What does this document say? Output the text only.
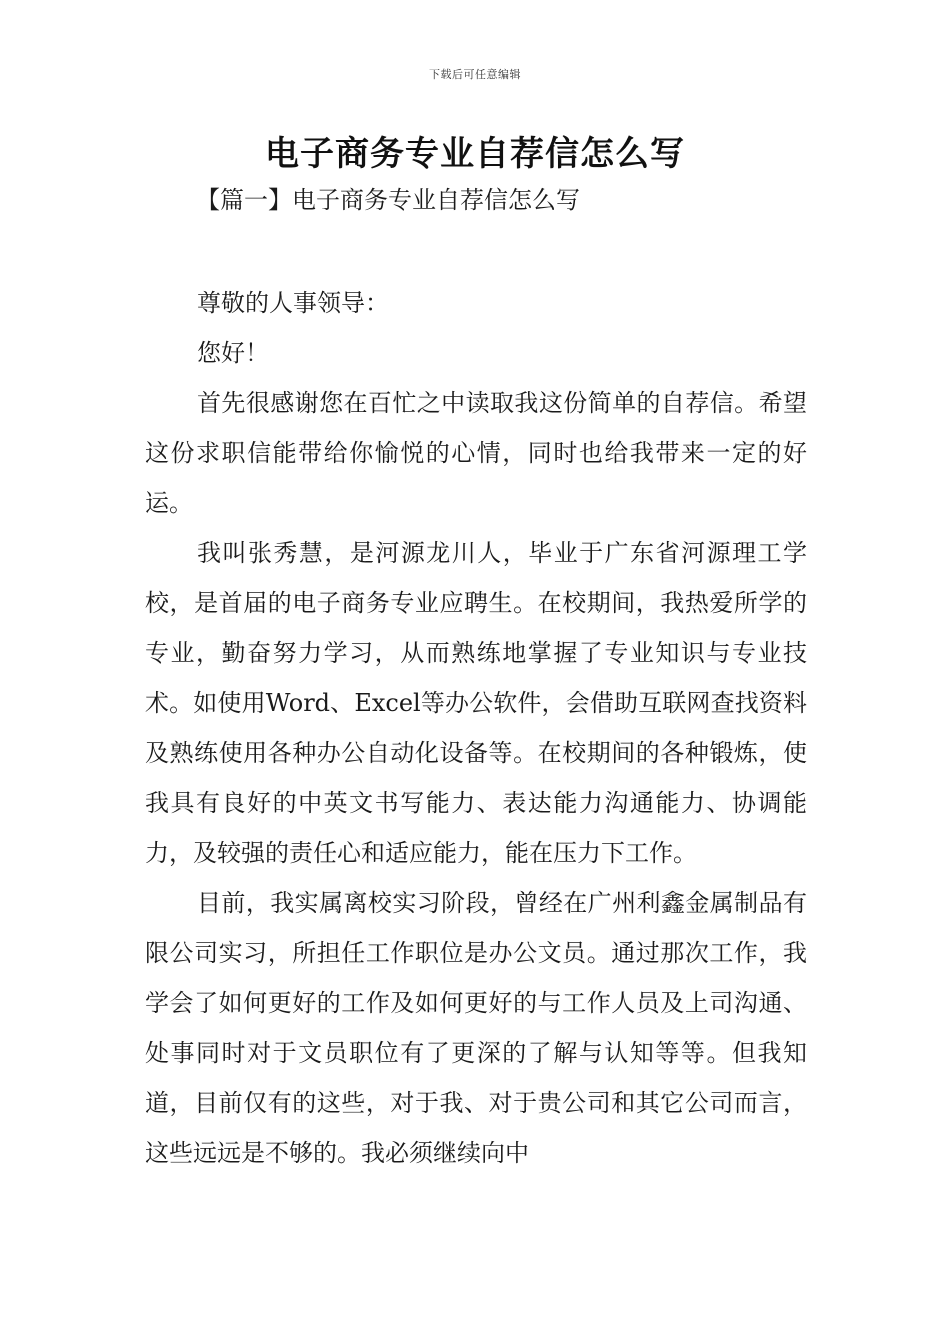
下载后可任意编辑
电子商务专业自荐信怎么写
【篇一】电子商务专业自荐信怎么写

尊敬的人事领导：

您好！

首先很感谢您在百忙之中读取我这份简单的自荐信。希望这份求职信能带给你愉悦的心情，同时也给我带来一定的好运。

我叫张秀慧，是河源龙川人，毕业于广东省河源理工学校，是首届的电子商务专业应聘生。在校期间，我热爱所学的专业，勤奋努力学习，从而熟练地掌握了专业知识与专业技术。如使用Word、Excel等办公软件，会借助互联网查找资料及熟练使用各种办公自动化设备等。在校期间的各种锻炼，使我具有良好的中英文书写能力、表达能力沟通能力、协调能力，及较强的责任心和适应能力，能在压力下工作。

目前，我实属离校实习阶段，曾经在广州利鑫金属制品有限公司实习，所担任工作职位是办公文员。通过那次工作，我学会了如何更好的工作及如何更好的与工作人员及上司沟通、处事同时对于文员职位有了更深的了解与认知等等。但我知道，目前仅有的这些，对于我、对于贵公司和其它公司而言，这些远远是不够的。我必须继续向中
